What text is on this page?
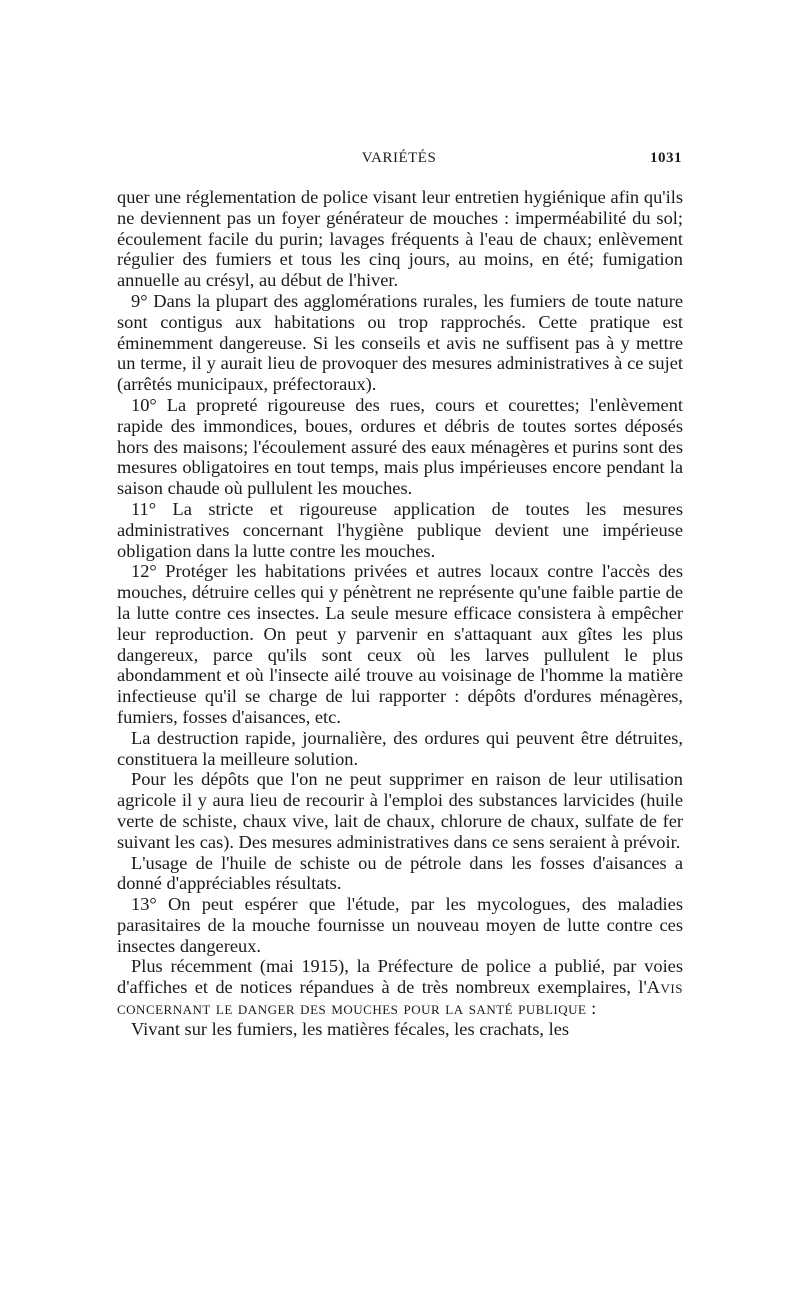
VARIÉTÉS	1031

quer une réglementation de police visant leur entretien hygiénique afin qu'ils ne deviennent pas un foyer générateur de mouches : imperméabilité du sol; écoulement facile du purin; lavages fréquents à l'eau de chaux; enlèvement régulier des fumiers et tous les cinq jours, au moins, en été; fumigation annuelle au crésyl, au début de l'hiver.

9° Dans la plupart des agglomérations rurales, les fumiers de toute nature sont contigus aux habitations ou trop rapprochés. Cette pratique est éminemment dangereuse. Si les conseils et avis ne suffisent pas à y mettre un terme, il y aurait lieu de provoquer des mesures administratives à ce sujet (arrêtés municipaux, préfectoraux).

10° La propreté rigoureuse des rues, cours et courettes; l'enlèvement rapide des immondices, boues, ordures et débris de toutes sortes déposés hors des maisons; l'écoulement assuré des eaux ménagères et purins sont des mesures obligatoires en tout temps, mais plus impérieuses encore pendant la saison chaude où pullulent les mouches.

11° La stricte et rigoureuse application de toutes les mesures administratives concernant l'hygiène publique devient une impérieuse obligation dans la lutte contre les mouches.

12° Protéger les habitations privées et autres locaux contre l'accès des mouches, détruire celles qui y pénètrent ne représente qu'une faible partie de la lutte contre ces insectes. La seule mesure efficace consistera à empêcher leur reproduction. On peut y parvenir en s'attaquant aux gîtes les plus dangereux, parce qu'ils sont ceux où les larves pullulent le plus abondamment et où l'insecte ailé trouve au voisinage de l'homme la matière infectieuse qu'il se charge de lui rapporter : dépôts d'ordures ménagères, fumiers, fosses d'aisances, etc.

La destruction rapide, journalière, des ordures qui peuvent être détruites, constituera la meilleure solution.

Pour les dépôts que l'on ne peut supprimer en raison de leur utilisation agricole il y aura lieu de recourir à l'emploi des substances larvicides (huile verte de schiste, chaux vive, lait de chaux, chlorure de chaux, sulfate de fer suivant les cas). Des mesures administratives dans ce sens seraient à prévoir.

L'usage de l'huile de schiste ou de pétrole dans les fosses d'aisances a donné d'appréciables résultats.

13° On peut espérer que l'étude, par les mycologues, des maladies parasitaires de la mouche fournisse un nouveau moyen de lutte contre ces insectes dangereux.

Plus récemment (mai 1915), la Préfecture de police a publié, par voies d'affiches et de notices répandues à de très nombreux exemplaires, l'Avis concernant le danger des mouches pour la santé publique :

Vivant sur les fumiers, les matières fécales, les crachats, les
